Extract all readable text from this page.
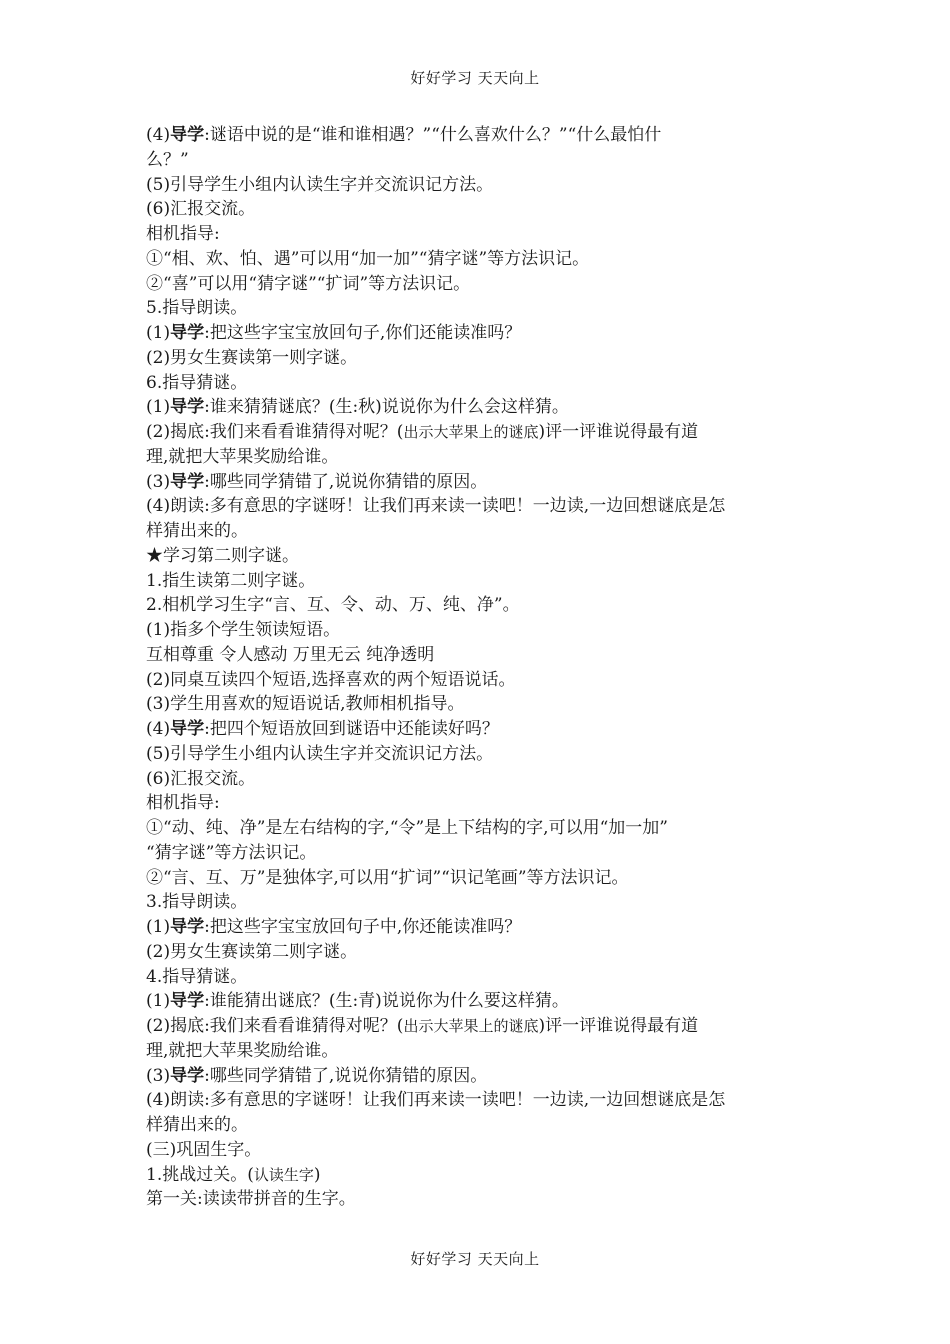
好好学习 天天向上
(4)导学:谜语中说的是“谁和谁相遇？”“什么喜欢什么？”“什么最怕什
么？”
(5)引导学生小组内认读生字并交流识记方法。
(6)汇报交流。
相机指导:
①“相、欢、怕、遇”可以用“加一加”“猜字谜”等方法识记。
②“喜”可以用“猜字谜”“扩词”等方法识记。
5.指导朗读。
(1)导学:把这些字宝宝放回句子,你们还能读准吗？
(2)男女生赛读第一则字谜。
6.指导猜谜。
(1)导学:谁来猜猜谜底？(生:秋)说说你为什么会这样猜。
(2)揭底:我们来看看谁猜得对呢？(出示大苹果上的谜底)评一评谁说得最有道
理,就把大苹果奖励给谁。
(3)导学:哪些同学猜错了,说说你猜错的原因。
(4)朗读:多有意思的字谜呀！让我们再来读一读吧！一边读,一边回想谜底是怎
样猜出来的。
★学习第二则字谜。
1.指生读第二则字谜。
2.相机学习生字“言、互、令、动、万、纯、净”。
(1)指多个学生领读短语。
互相尊重 令人感动 万里无云 纯净透明
(2)同桌互读四个短语,选择喜欢的两个短语说话。
(3)学生用喜欢的短语说话,教师相机指导。
(4)导学:把四个短语放回到谜语中还能读好吗？
(5)引导学生小组内认读生字并交流识记方法。
(6)汇报交流。
相机指导:
①“动、纯、净”是左右结构的字,“令”是上下结构的字,可以用“加一加”
“猜字谜”等方法识记。
②“言、互、万”是独体字,可以用“扩词”“识记笔画”等方法识记。
3.指导朗读。
(1)导学:把这些字宝宝放回句子中,你还能读准吗？
(2)男女生赛读第二则字谜。
4.指导猜谜。
(1)导学:谁能猜出谜底？(生:青)说说你为什么要这样猜。
(2)揭底:我们来看看谁猜得对呢？(出示大苹果上的谜底)评一评谁说得最有道
理,就把大苹果奖励给谁。
(3)导学:哪些同学猜错了,说说你猜错的原因。
(4)朗读:多有意思的字谜呀！让我们再来读一读吧！一边读,一边回想谜底是怎
样猜出来的。
(三)巩固生字。
1.挑战过关。(认读生字)
第一关:读读带拼音的生字。
好好学习 天天向上
